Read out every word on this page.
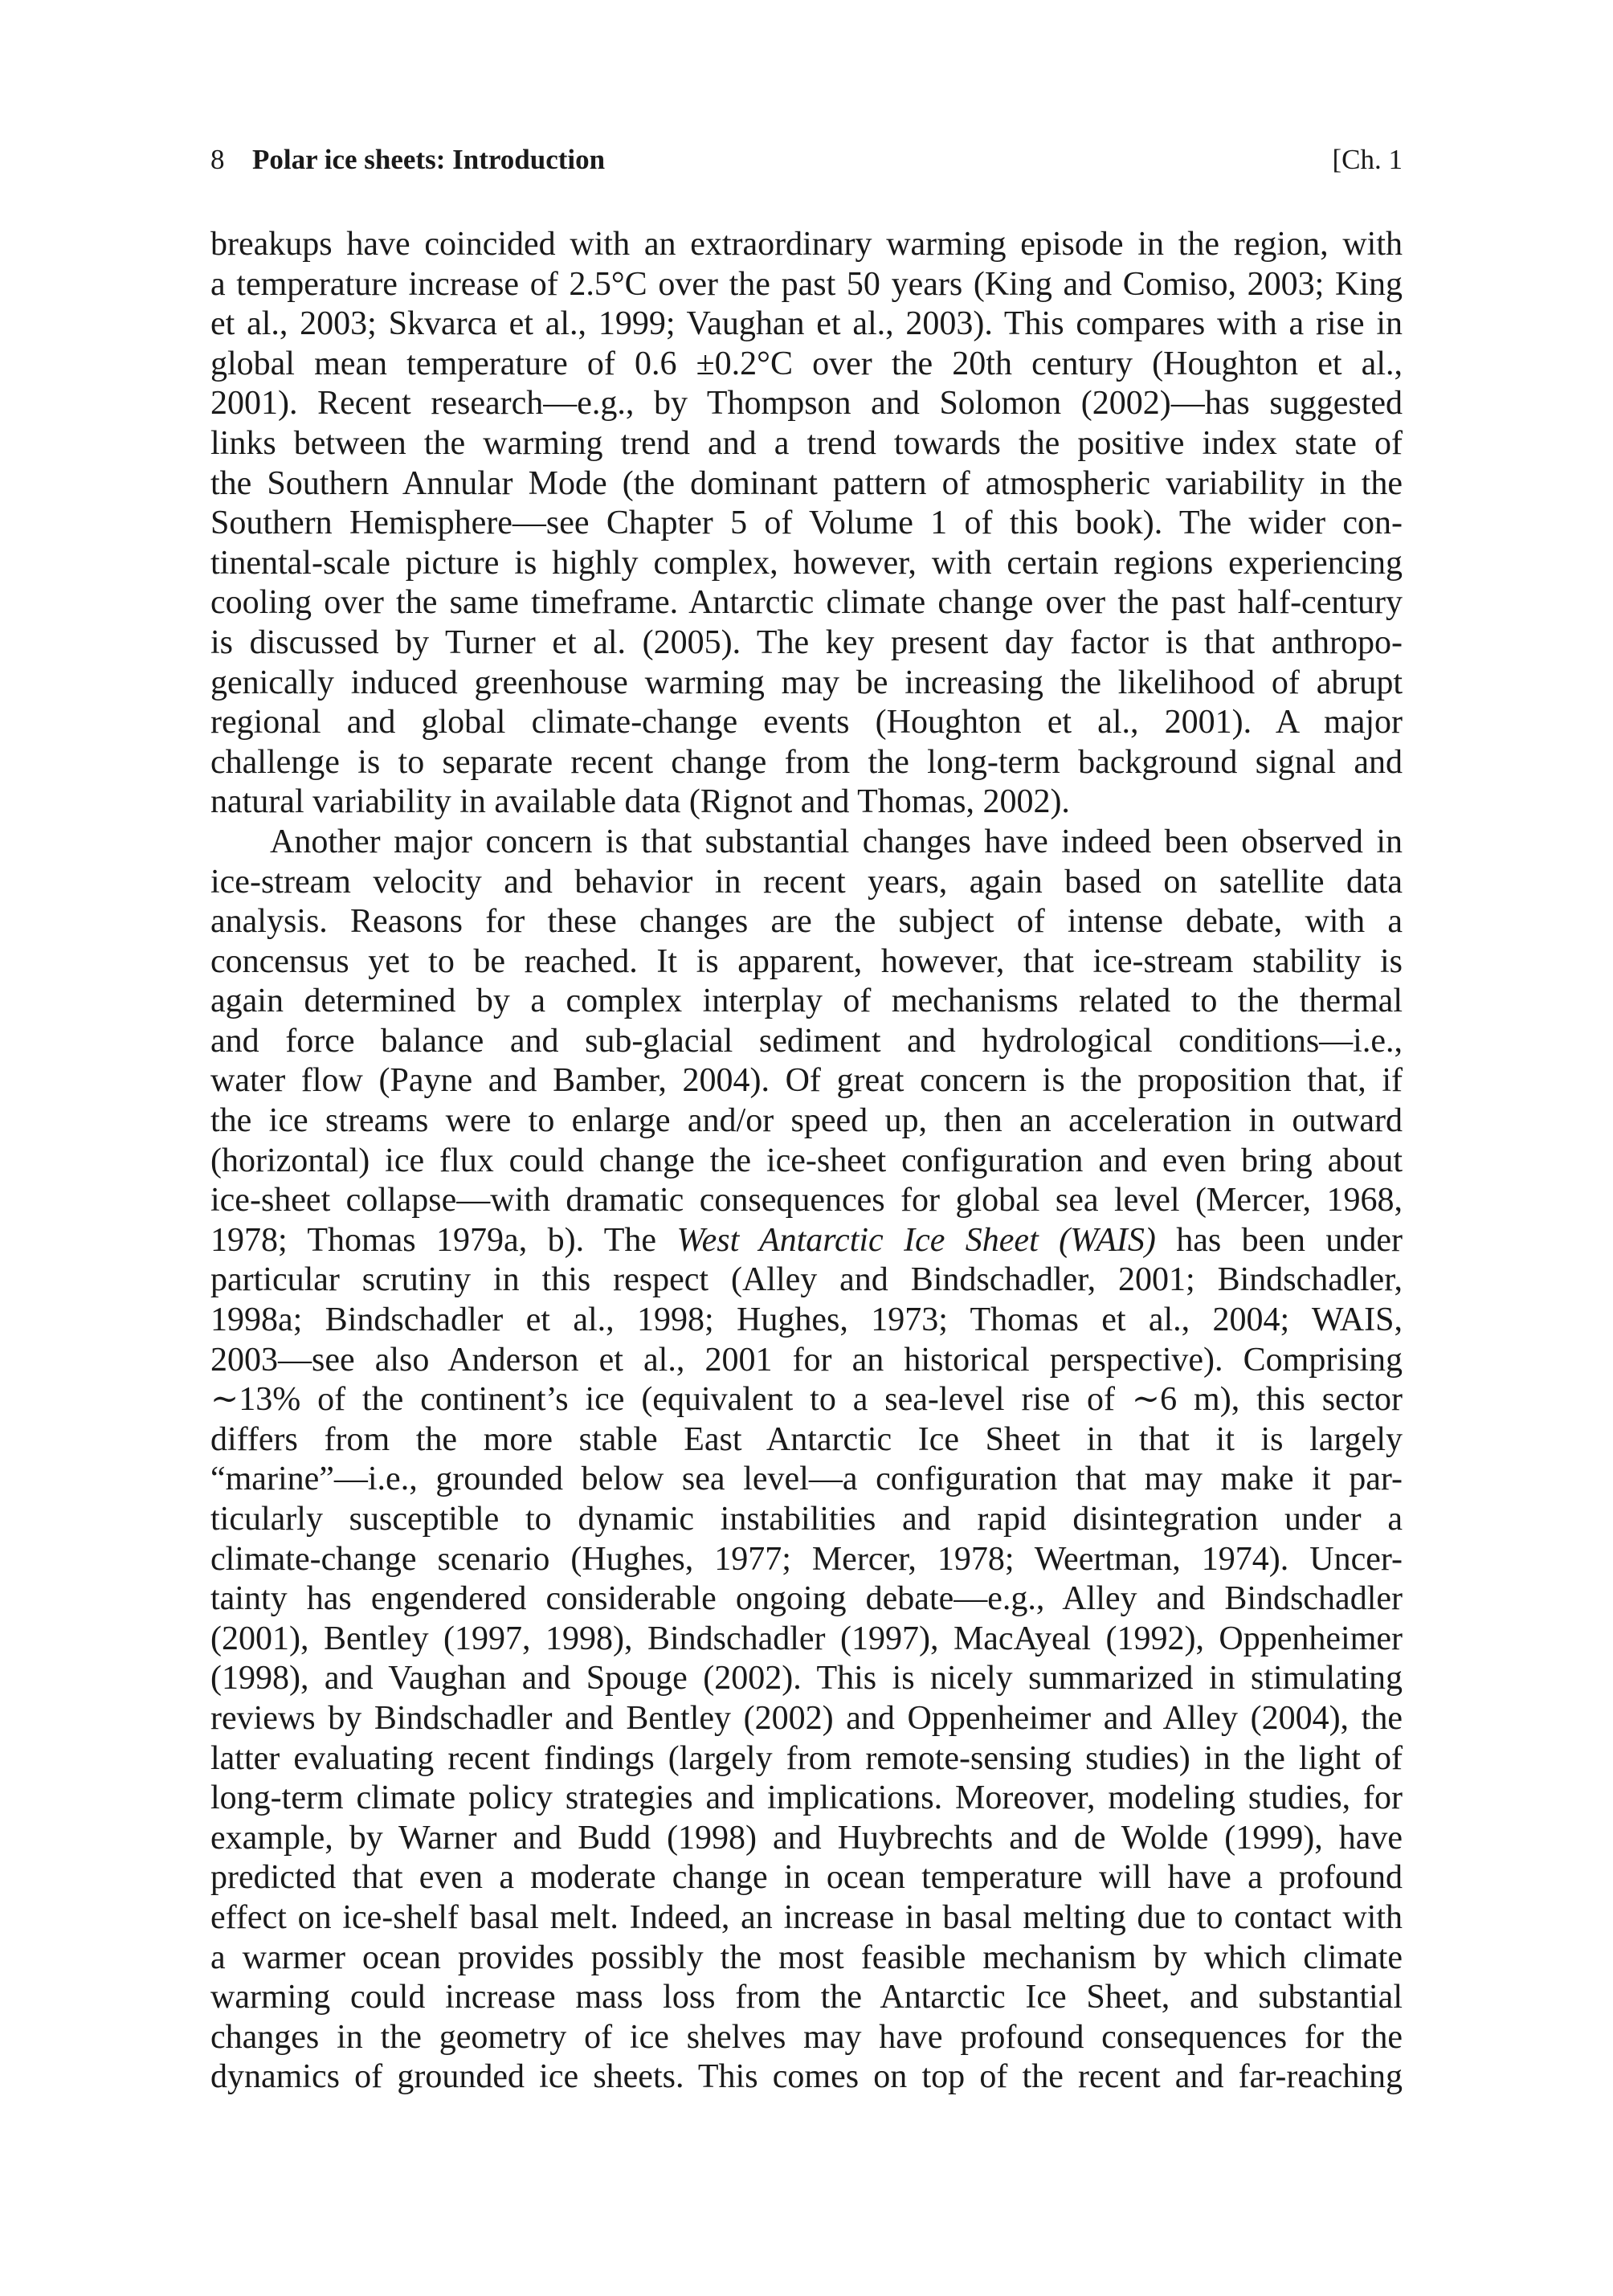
8 Polar ice sheets: Introduction	[Ch. 1
breakups have coincided with an extraordinary warming episode in the region, with
a temperature increase of 2.5°C over the past 50 years (King and Comiso, 2003; King
et al., 2003; Skvarca et al., 1999; Vaughan et al., 2003). This compares with a rise in
global mean temperature of 0.6 ±0.2°C over the 20th century (Houghton et al.,
2001). Recent research—e.g., by Thompson and Solomon (2002)—has suggested
links between the warming trend and a trend towards the positive index state of
the Southern Annular Mode (the dominant pattern of atmospheric variability in the
Southern Hemisphere—see Chapter 5 of Volume 1 of this book). The wider con-
tinental-scale picture is highly complex, however, with certain regions experiencing
cooling over the same timeframe. Antarctic climate change over the past half-century
is discussed by Turner et al. (2005). The key present day factor is that anthropo-
genically induced greenhouse warming may be increasing the likelihood of abrupt
regional and global climate-change events (Houghton et al., 2001). A major
challenge is to separate recent change from the long-term background signal and
natural variability in available data (Rignot and Thomas, 2002).
Another major concern is that substantial changes have indeed been observed in
ice-stream velocity and behavior in recent years, again based on satellite data
analysis. Reasons for these changes are the subject of intense debate, with a
concensus yet to be reached. It is apparent, however, that ice-stream stability is
again determined by a complex interplay of mechanisms related to the thermal
and force balance and sub-glacial sediment and hydrological conditions—i.e.,
water flow (Payne and Bamber, 2004). Of great concern is the proposition that, if
the ice streams were to enlarge and/or speed up, then an acceleration in outward
(horizontal) ice flux could change the ice-sheet configuration and even bring about
ice-sheet collapse—with dramatic consequences for global sea level (Mercer, 1968,
1978; Thomas 1979a, b). The West Antarctic Ice Sheet (WAIS) has been under
particular scrutiny in this respect (Alley and Bindschadler, 2001; Bindschadler,
1998a; Bindschadler et al., 1998; Hughes, 1973; Thomas et al., 2004; WAIS,
2003—see also Anderson et al., 2001 for an historical perspective). Comprising
∼13% of the continent’s ice (equivalent to a sea-level rise of ∼6 m), this sector
differs from the more stable East Antarctic Ice Sheet in that it is largely
“marine”—i.e., grounded below sea level—a configuration that may make it par-
ticularly susceptible to dynamic instabilities and rapid disintegration under a
climate-change scenario (Hughes, 1977; Mercer, 1978; Weertman, 1974). Uncer-
tainty has engendered considerable ongoing debate—e.g., Alley and Bindschadler
(2001), Bentley (1997, 1998), Bindschadler (1997), MacAyeal (1992), Oppenheimer
(1998), and Vaughan and Spouge (2002). This is nicely summarized in stimulating
reviews by Bindschadler and Bentley (2002) and Oppenheimer and Alley (2004), the
latter evaluating recent findings (largely from remote-sensing studies) in the light of
long-term climate policy strategies and implications. Moreover, modeling studies, for
example, by Warner and Budd (1998) and Huybrechts and de Wolde (1999), have
predicted that even a moderate change in ocean temperature will have a profound
effect on ice-shelf basal melt. Indeed, an increase in basal melting due to contact with
a warmer ocean provides possibly the most feasible mechanism by which climate
warming could increase mass loss from the Antarctic Ice Sheet, and substantial
changes in the geometry of ice shelves may have profound consequences for the
dynamics of grounded ice sheets. This comes on top of the recent and far-reaching
